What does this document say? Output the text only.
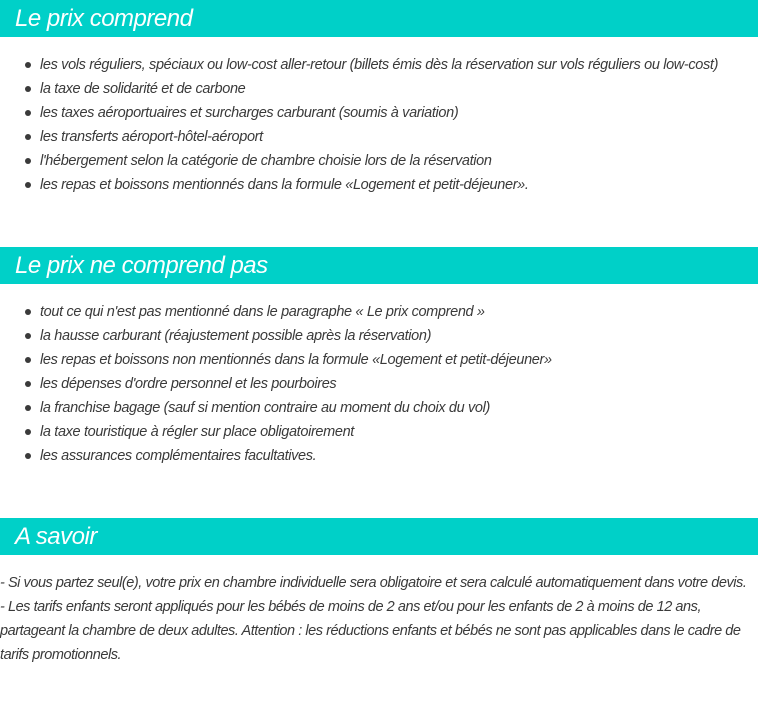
Le prix comprend
les vols réguliers, spéciaux ou low-cost aller-retour (billets émis dès la réservation sur vols réguliers ou low-cost)
la taxe de solidarité et de carbone
les taxes aéroportuaires et surcharges carburant (soumis à variation)
les transferts aéroport-hôtel-aéroport
l'hébergement selon la catégorie de chambre choisie lors de la réservation
les repas et boissons mentionnés dans la formule «Logement et petit-déjeuner».
Le prix ne comprend pas
tout ce qui n'est pas mentionné dans le paragraphe « Le prix comprend »
la hausse carburant (réajustement possible après la réservation)
les repas et boissons non mentionnés dans la formule «Logement et petit-déjeuner»
les dépenses d'ordre personnel et les pourboires
la franchise bagage (sauf si mention contraire au moment du choix du vol)
la taxe touristique à régler sur place obligatoirement
les assurances complémentaires facultatives.
A savoir

- Si vous partez seul(e), votre prix en chambre individuelle sera obligatoire et sera calculé automatiquement dans votre devis.

- Les tarifs enfants seront appliqués pour les bébés de moins de 2 ans et/ou pour les enfants de 2 à moins de 12 ans, partageant la chambre de deux adultes. Attention : les réductions enfants et bébés ne sont pas applicables dans le cadre de tarifs promotionnels.
